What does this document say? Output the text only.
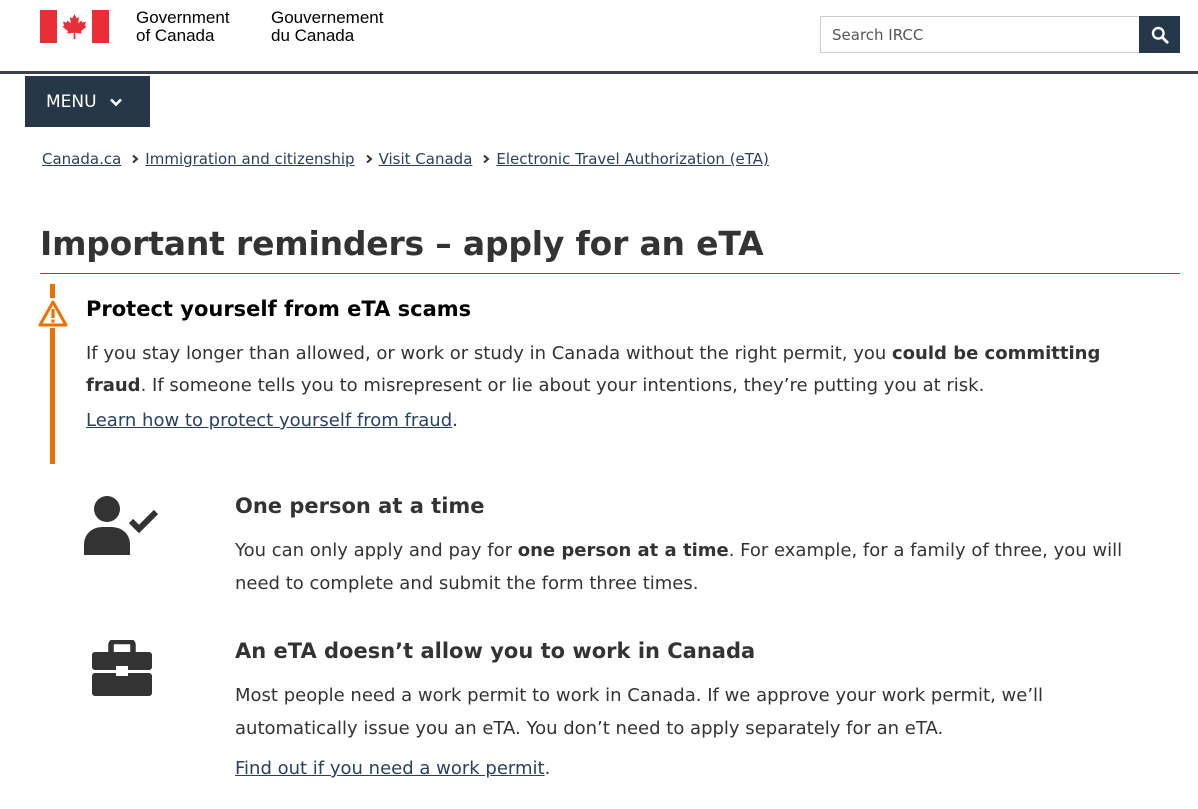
Government
of Canada
Gouvernement
du Canada
Search IRCC
MENU
Canada.ca Immigration and citizenship Visit Canada Electronic Travel Authorization (eTA)
Important reminders – apply for an eTA
Protect yourself from eTA scams

If you stay longer than allowed, or work or study in Canada without the right permit, you could be committing fraud. If someone tells you to misrepresent or lie about your intentions, they’re putting you at risk.

Learn how to protect yourself from fraud.

One person at a time

You can only apply and pay for one person at a time. For example, for a family of three, you will need to complete and submit the form three times.

An eTA doesn’t allow you to work in Canada

Most people need a work permit to work in Canada. If we approve your work permit, we’ll automatically issue you an eTA. You don’t need to apply separately for an eTA.

Find out if you need a work permit.
